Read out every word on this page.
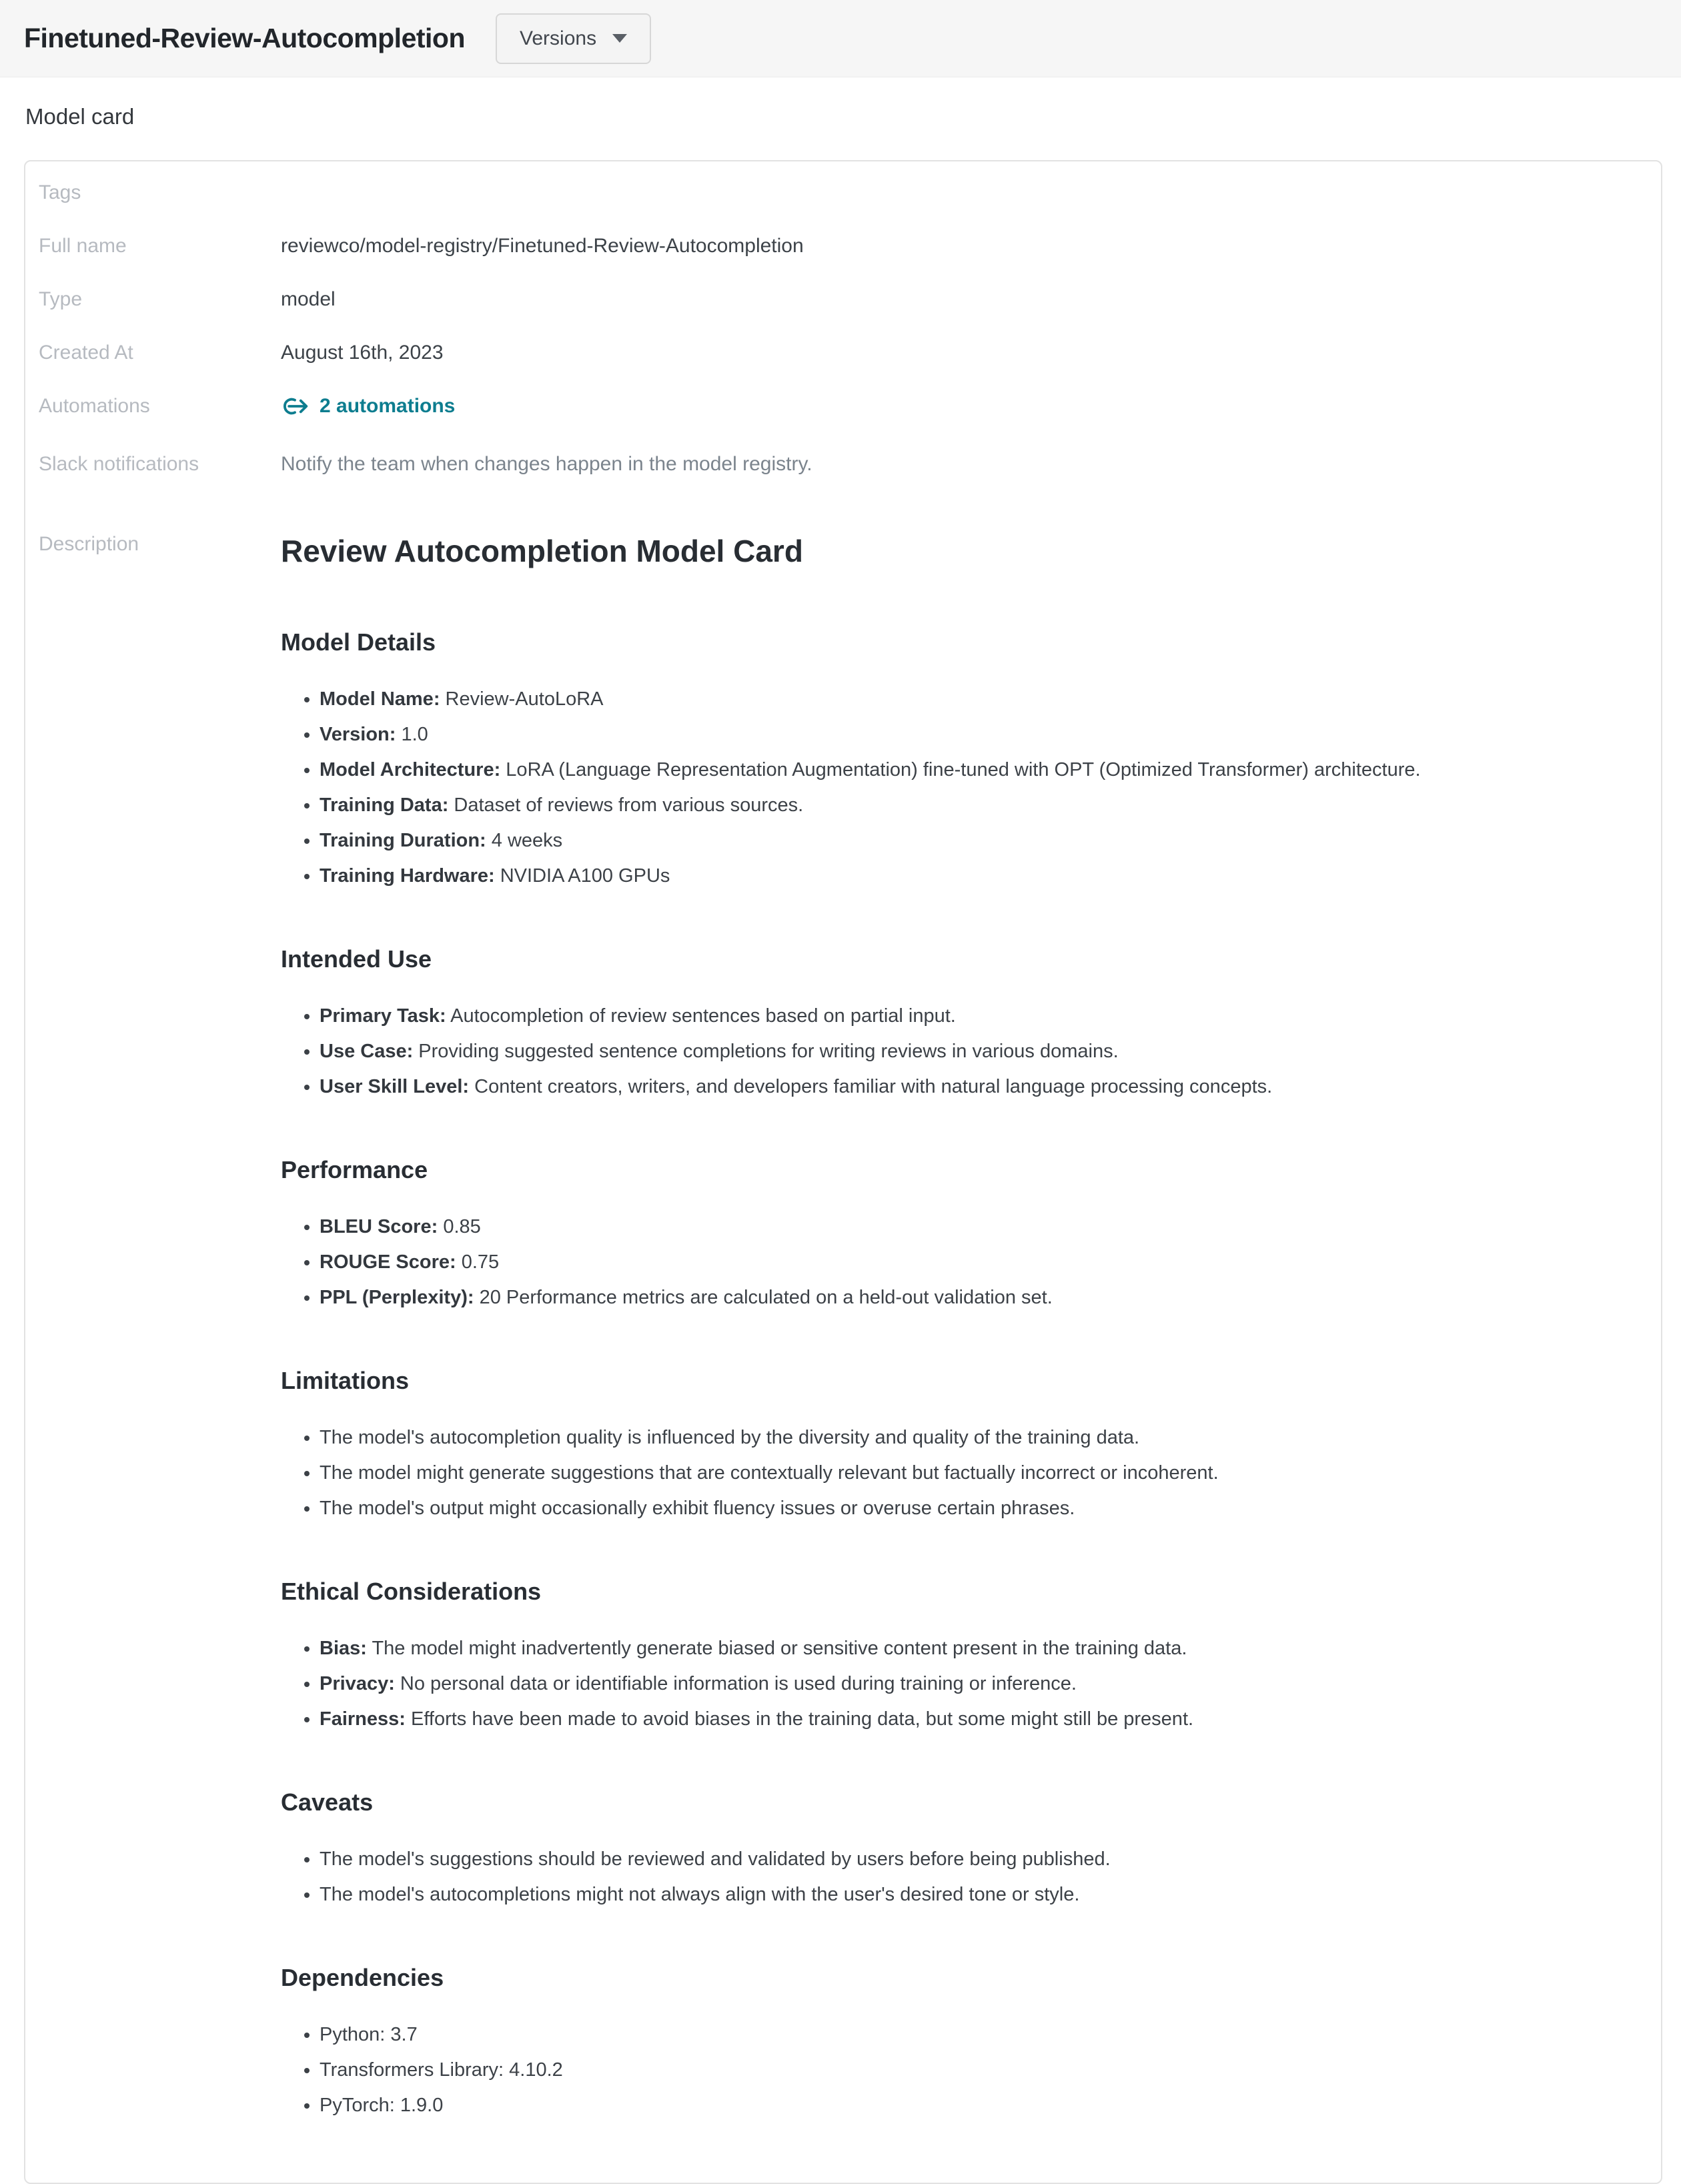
Finetuned-Review-Autocompletion	Versions
Model card
Tags
Full name	reviewco/model-registry/Finetuned-Review-Autocompletion
Type	model
Created At	August 16th, 2023
Automations	2 automations
Slack notifications	Notify the team when changes happen in the model registry.
Description	Review Autocompletion Model Card
Model Details
• Model Name: Review-AutoLoRA
• Version: 1.0
• Model Architecture: LoRA (Language Representation Augmentation) fine-tuned with OPT (Optimized Transformer) architecture.
• Training Data: Dataset of reviews from various sources.
• Training Duration: 4 weeks
• Training Hardware: NVIDIA A100 GPUs
Intended Use
• Primary Task: Autocompletion of review sentences based on partial input.
• Use Case: Providing suggested sentence completions for writing reviews in various domains.
• User Skill Level: Content creators, writers, and developers familiar with natural language processing concepts.
Performance
• BLEU Score: 0.85
• ROUGE Score: 0.75
• PPL (Perplexity): 20 Performance metrics are calculated on a held-out validation set.
Limitations
• The model's autocompletion quality is influenced by the diversity and quality of the training data.
• The model might generate suggestions that are contextually relevant but factually incorrect or incoherent.
• The model's output might occasionally exhibit fluency issues or overuse certain phrases.
Ethical Considerations
• Bias: The model might inadvertently generate biased or sensitive content present in the training data.
• Privacy: No personal data or identifiable information is used during training or inference.
• Fairness: Efforts have been made to avoid biases in the training data, but some might still be present.
Caveats
• The model's suggestions should be reviewed and validated by users before being published.
• The model's autocompletions might not always align with the user's desired tone or style.
Dependencies
• Python: 3.7
• Transformers Library: 4.10.2
• PyTorch: 1.9.0
